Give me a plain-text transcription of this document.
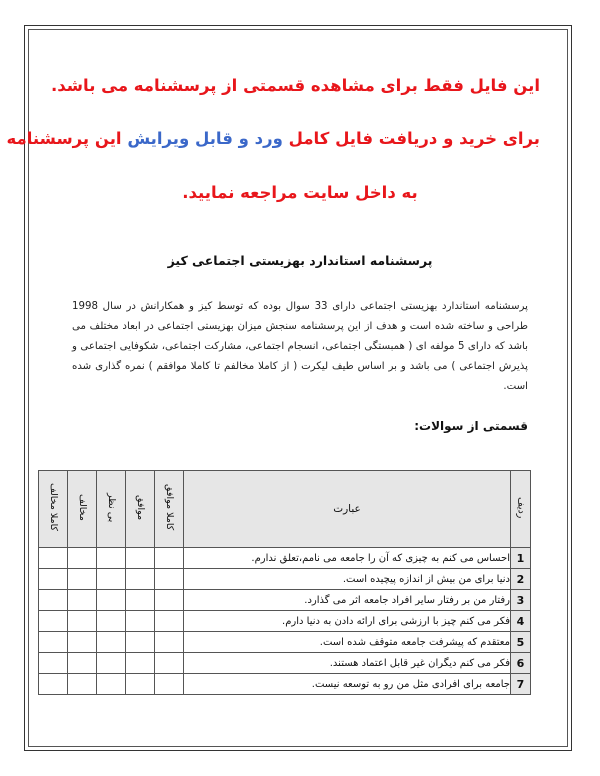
این فایل فقط برای مشاهده قسمتی از پرسشنامه می باشد.
برای خرید و دریافت فایل کامل ورد و قابل ویرایش این پرسشنامه
به داخل سایت مراجعه نمایید.
پرسشنامه استاندارد بهزیستی اجتماعی کیز
پرسشنامه استاندارد بهزیستی اجتماعی دارای 33 سوال بوده که توسط کیز و همکارانش در سال 1998 طراحی و ساخته شده است و هدف از این پرسشنامه سنجش میزان بهزیستی اجتماعی در ابعاد مختلف می باشد که دارای 5 مولفه ای ( همبستگی اجتماعی، انسجام اجتماعی، مشارکت اجتماعی، شکوفایی اجتماعی و پذیرش اجتماعی ) می باشد و بر اساس طیف لیکرت ( از کاملا مخالفم تا کاملا موافقم ) نمره گذاری شده است.
قسمتی از سوالات:
ردیف	عبارت	کاملا موافق	موافق	بی نظر	مخالف	کاملا مخالف
1	احساس می کنم به چیزی که آن را جامعه می نامم،تعلق ندارم.					
2	دنیا برای من بیش از اندازه پیچیده است.					
3	رفتار من بر رفتار سایر افراد جامعه اثر می گذارد.					
4	فکر می کنم چیز با ارزشی برای ارائه دادن به دنیا دارم.					
5	معتقدم که پیشرفت جامعه متوقف شده است.					
6	فکر می کنم دیگران غیر قابل اعتماد هستند.					
7	جامعه برای افرادی مثل من رو به توسعه نیست.					
